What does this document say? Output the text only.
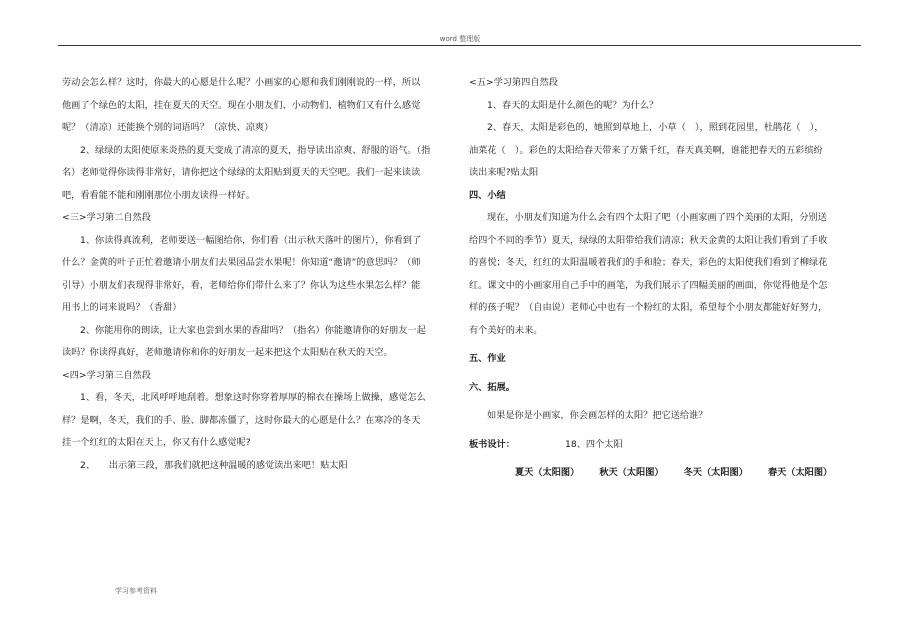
word 整理版

劳动会怎么样？这时，你最大的心愿是什么呢？小画家的心愿和我们刚刚说的一样，所以

他画了个绿色的太阳，挂在夏天的天空。现在小朋友们、小动物们、植物们又有什么感觉

呢？（清凉）还能换个别的词语吗？（凉快、凉爽）

2、绿绿的太阳使原来炎热的夏天变成了清凉的夏天，指导读出凉爽、舒服的语气。（指

名）老师觉得你读得非常好，请你把这个绿绿的太阳贴到夏天的天空吧。我们一起来读读

吧，看看能不能和刚刚那位小朋友读得一样好。

<三>学习第二自然段

1、你读得真流利，老师要送一幅图给你，你们看（出示秋天落叶的图片），你看到了

什么？金黄的叶子正忙着邀请小朋友们去果园品尝水果呢！你知道“邀请”的意思吗？（师

引导）小朋友们表现得非常好，看，老师给你们带什么来了？你认为这些水果怎么样？能

用书上的词来说吗？（香甜）

2、你能用你的朗读，让大家也尝到水果的香甜吗？（指名）你能邀请你的好朋友一起

读吗？你读得真好，老师邀请你和你的好朋友一起来把这个太阳贴在秋天的天空。

<四>学习第三自然段

1、看，冬天，北风呼呼地刮着。想象这时你穿着厚厚的棉衣在操场上做操，感觉怎么

样？是啊，冬天，我们的手、脸、脚都冻僵了，这时你最大的心愿是什么？在寒冷的冬天

挂一个红红的太阳在天上，你又有什么感觉呢?

2、　　出示第三段，那我们就把这种温暖的感觉读出来吧！贴太阳

<五>学习第四自然段

1、春天的太阳是什么颜色的呢？为什么？

2、春天，太阳是彩色的，她照到草地上，小草（　），照到花园里，杜鹃花（　），

油菜花（　）。彩色的太阳给春天带来了万紫千红，春天真美啊，谁能把春天的五彩缤纷

读出来呢?贴太阳

四、小结

现在，小朋友们知道为什么会有四个太阳了吧（小画家画了四个美丽的太阳，分别送

给四个不同的季节）夏天，绿绿的太阳带给我们清凉；秋天金黄的太阳让我们看到了手收

的喜悦；冬天，红红的太阳温暖着我们的手和脸；春天，彩色的太阳使我们看到了柳绿花

红。课文中的小画家用自己手中的画笔，为我们展示了四幅美丽的画面，你觉得他是个怎

样的孩子呢？（自由说）老师心中也有一个粉红的太阳，希望每个小朋友都能好好努力，

有个美好的未来。

五、作业

六、拓展。

如果是你是小画家，你会画怎样的太阳？把它送给谁？

板书设计：	18、四个太阳
夏天（太阳图） 秋天（太阳图） 冬天（太阳图） 春天（太阳图）
学习参考资料
